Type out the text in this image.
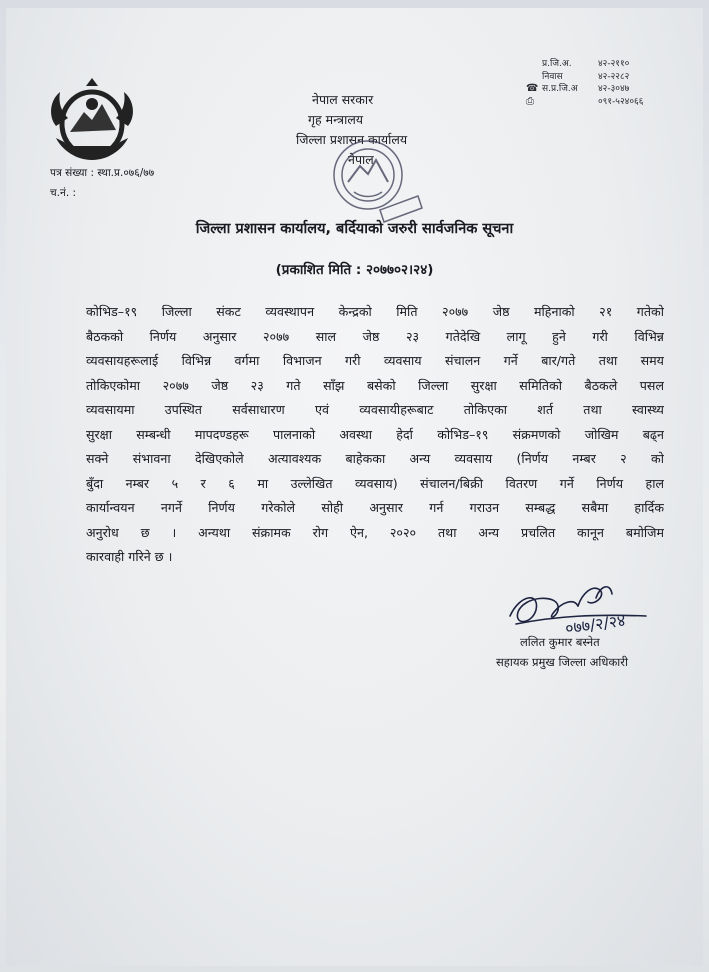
नेपाल सरकार
गृह मन्त्रालय
जिल्ला प्रशासन कार्यालय
नेपाल
प्र.जि.अ.	४२-२११०
निवास	४२-२२८२
☎ स.प्र.जि.अ	४२-३०४७
⎙	०९१-५२४०६६
पत्र संख्या : स्था.प्र.०७६/७७
च.नं. :
जिल्ला प्रशासन कार्यालय, बर्दियाको जरुरी सार्वजनिक सूचना
(प्रकाशित मिति : २०७७०२।२४)
कोभिड–१९ जिल्ला संकट व्यवस्थापन केन्द्रको मिति २०७७ जेष्ठ महिनाको २१ गतेको
बैठकको निर्णय अनुसार २०७७ साल जेष्ठ २३ गतेदेखि लागू हुने गरी विभिन्न
व्यवसायहरूलाई विभिन्न वर्गमा विभाजन गरी व्यवसाय संचालन गर्ने बार/गते तथा समय
तोकिएकोमा २०७७ जेष्ठ २३ गते साँझ बसेको जिल्ला सुरक्षा समितिको बैठकले पसल
व्यवसायमा उपस्थित सर्वसाधारण एवं व्यवसायीहरूबाट तोकिएका शर्त तथा स्वास्थ्य
सुरक्षा सम्बन्धी मापदण्डहरू पालनाको अवस्था हेर्दा कोभिड–१९ संक्रमणको जोखिम बढ्न
सक्ने संभावना देखिएकोले अत्यावश्यक बाहेकका अन्य व्यवसाय (निर्णय नम्बर २ को
बुँदा नम्बर ५ र ६ मा उल्लेखित व्यवसाय) संचालन/बिक्री वितरण गर्ने निर्णय हाल
कार्यान्वयन नगर्ने निर्णय गरेकोले सोही अनुसार गर्न गराउन सम्बद्ध सबैमा हार्दिक
अनुरोध छ । अन्यथा संक्रामक रोग ऐन, २०२० तथा अन्य प्रचलित कानून बमोजिम
कारवाही गरिने छ ।
०७७/२/२४
ललित कुमार बस्नेत
सहायक प्रमुख जिल्ला अधिकारी
